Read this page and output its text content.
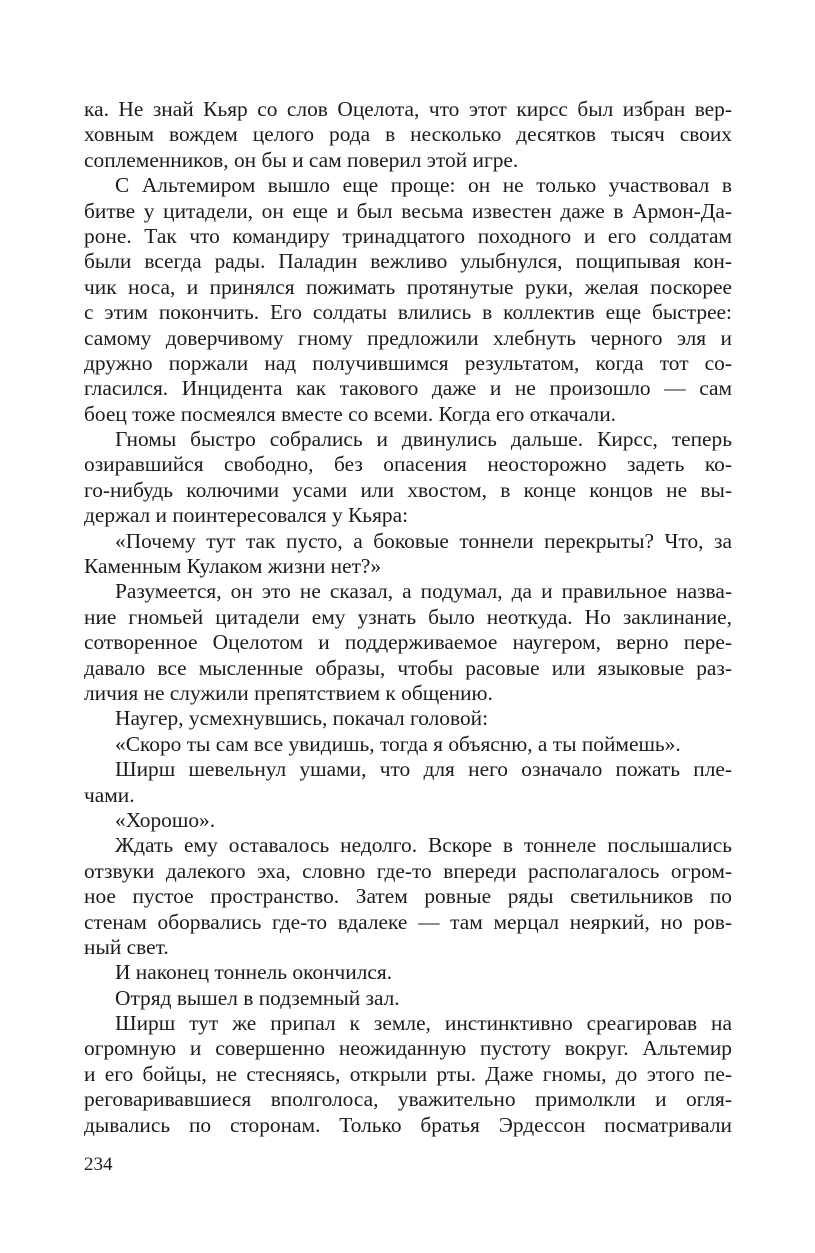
ка. Не знай Кьяр со слов Оцелота, что этот кирсс был избран вер-
ховным вождем целого рода в несколько десятков тысяч своих
соплеменников, он бы и сам поверил этой игре.
С Альтемиром вышло еще проще: он не только участвовал в
битве у цитадели, он еще и был весьма известен даже в Армон-Да-
роне. Так что командиру тринадцатого походного и его солдатам
были всегда рады. Паладин вежливо улыбнулся, пощипывая кон-
чик носа, и принялся пожимать протянутые руки, желая поскорее
с этим покончить. Его солдаты влились в коллектив еще быстрее:
самому доверчивому гному предложили хлебнуть черного эля и
дружно поржали над получившимся результатом, когда тот со-
гласился. Инцидента как такового даже и не произошло — сам
боец тоже посмеялся вместе со всеми. Когда его откачали.
Гномы быстро собрались и двинулись дальше. Кирсс, теперь
озиравшийся свободно, без опасения неосторожно задеть ко-
го-нибудь колючими усами или хвостом, в конце концов не вы-
держал и поинтересовался у Кьяра:
«Почему тут так пусто, а боковые тоннели перекрыты? Что, за
Каменным Кулаком жизни нет?»
Разумеется, он это не сказал, а подумал, да и правильное назва-
ние гномьей цитадели ему узнать было неоткуда. Но заклинание,
сотворенное Оцелотом и поддерживаемое наугером, верно пере-
давало все мысленные образы, чтобы расовые или языковые раз-
личия не служили препятствием к общению.
Наугер, усмехнувшись, покачал головой:
«Скоро ты сам все увидишь, тогда я объясню, а ты поймешь».
Ширш шевельнул ушами, что для него означало пожать пле-
чами.
«Хорошо».
Ждать ему оставалось недолго. Вскоре в тоннеле послышались
отзвуки далекого эха, словно где-то впереди располагалось огром-
ное пустое пространство. Затем ровные ряды светильников по
стенам оборвались где-то вдалеке — там мерцал неяркий, но ров-
ный свет.
И наконец тоннель окончился.
Отряд вышел в подземный зал.
Ширш тут же припал к земле, инстинктивно среагировав на
огромную и совершенно неожиданную пустоту вокруг. Альтемир
и его бойцы, не стесняясь, открыли рты. Даже гномы, до этого пе-
реговаривавшиеся вполголоса, уважительно примолкли и огля-
дывались по сторонам. Только братья Эрдессон посматривали
234
